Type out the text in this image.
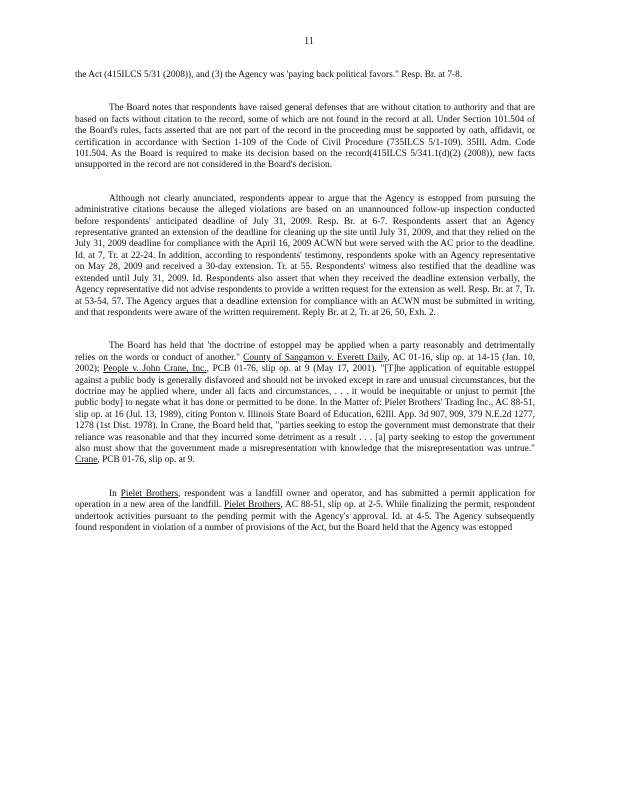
11

the Act (415ILCS 5/31 (2008)), and (3) the Agency was 'paying back political favors." Resp. Br. at 7-8.

The Board notes that respondents have raised general defenses that are without citation to authority and that are based on facts without citation to the record, some of which are not found in the record at all. Under Section 101.504 of the Board's rules, facts asserted that are not part of the record in the proceeding must be supported by oath, affidavit, or certification in accordance with Section 1-109 of the Code of Civil Procedure (735ILCS 5/1-109). 35Ill. Adm. Code 101.504. As the Board is required to make its decision based on the record(415ILCS 5/341.1(d)(2) (2008)), new facts unsupported in the record are not considered in the Board's decision.

Although not clearly anunciated, respondents appear to argue that the Agency is estopped from pursuing the administrative citations because the alleged violations are based on an unannounced follow-up inspection conducted before respondents' anticipated deadline of July 31, 2009. Resp. Br. at 6-7. Respondents assert that an Agency representative granted an extension of the deadline for cleaning up the site until July 31, 2009, and that they relied on the July 31, 2009 deadline for compliance with the April 16, 2009 ACWN but were served with the AC prior to the deadline. Id. at 7, Tr. at 22-24. In addition, according to respondents' testimony, respondents spoke with an Agency representative on May 28, 2009 and received a 30-day extension. Tr. at 55. Respondents' witness also testified that the deadline was extended until July 31, 2009. Id. Respondents also assert that when they received the deadline extension verbally, the Agency representative did not advise respondents to provide a written request for the extension as well. Resp. Br. at 7, Tr. at 53-54, 57. The Agency argues that a deadline extension for compliance with an ACWN must be submitted in writing, and that respondents were aware of the written requirement. Reply Br. at 2, Tr. at 26, 50, Exh. 2.

The Board has held that 'the doctrine of estoppel may be applied when a party reasonably and detrimentally relies on the words or conduct of another." County of Sangamon v. Everett Daily, AC 01-16, slip op. at 14-15 (Jan. 10, 2002); People v. John Crane, Inc., PCB 01-76, slip op. at 9 (May 17, 2001). "[T]he application of equitable estoppel against a public body is generally disfavored and should not be invoked except in rare and unusual circumstances, but the doctrine may be applied where, under all facts and circumstances, . . . it would be inequitable or unjust to permit [the public body] to negate what it has done or permitted to be done. In the Matter of: Pielet Brothers' Trading Inc., AC 88-51, slip op. at 16 (Jul. 13, 1989), citing Ponton v. Illinois State Board of Education, 62Ill. App. 3d 907, 909, 379 N.E.2d 1277, 1278 (1st Dist. 1978). In Crane, the Board held that, "parties seeking to estop the government must demonstrate that their reliance was reasonable and that they incurred some detriment as a result . . . [a] party seeking to estop the government also must show that the government made a misrepresentation with knowledge that the misrepresentation was untrue." Crane, PCB 01-76, slip op. at 9.

In Pielet Brothers, respondent was a landfill owner and operator, and has submitted a permit application for operation in a new area of the landfill. Pielet Brothers, AC 88-51, slip op. at 2-5. While finalizing the permit, respondent undertook activities pursuant to the pending permit with the Agency's approval. Id. at 4-5. The Agency subsequently found respondent in violation of a number of provisions of the Act, but the Board held that the Agency was estopped
